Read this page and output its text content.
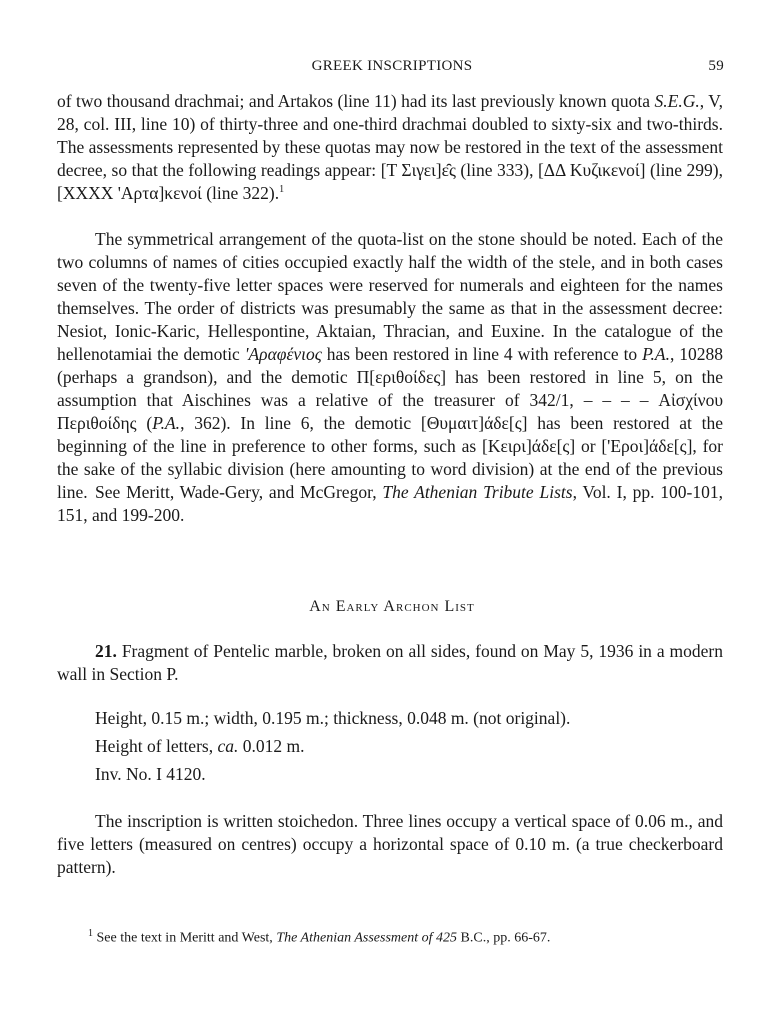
GREEK INSCRIPTIONS	59

of two thousand drachmai; and Artakos (line 11) had its last previously known quota S.E.G., V, 28, col. III, line 10) of thirty-three and one-third drachmai doubled to sixty-six and two-thirds. The assessments represented by these quotas may now be restored in the text of the assessment decree, so that the following readings appear: [Τ Σιγει]ε̑ς (line 333), [ΔΔ Κυζικενοί] (line 299), [ΧΧΧΧ 'Αρτα]κενοί (line 322).$^1$

The symmetrical arrangement of the quota-list on the stone should be noted. Each of the two columns of names of cities occupied exactly half the width of the stele, and in both cases seven of the twenty-five letter spaces were reserved for numerals and eighteen for the names themselves. The order of districts was presumably the same as that in the assessment decree: Nesiot, Ionic-Karic, Hellespontine, Aktaian, Thracian, and Euxine. In the catalogue of the hellenotamiai the demotic 'Αραφένιος has been restored in line 4 with reference to P.A., 10288 (perhaps a grandson), and the demotic Π[εριθοίδες] has been restored in line 5, on the assumption that Aischines was a relative of the treasurer of 342/1, – – – – Αἰσχίνου Περιθοίδης (P.A., 362). In line 6, the demotic [Θυμαιτ]άδε[ς] has been restored at the beginning of the line in preference to other forms, such as [Κειρι]άδε[ς] or ['Εροι]άδε[ς], for the sake of the syllabic division (here amounting to word division) at the end of the previous line. See Meritt, Wade-Gery, and McGregor, The Athenian Tribute Lists, Vol. I, pp. 100-101, 151, and 199-200.

An Early Archon List

21. Fragment of Pentelic marble, broken on all sides, found on May 5, 1936 in a modern wall in Section P.

Height, 0.15 m.; width, 0.195 m.; thickness, 0.048 m. (not original).
Height of letters, ca. 0.012 m.
Inv. No. I 4120.

The inscription is written stoichedon. Three lines occupy a vertical space of 0.06 m., and five letters (measured on centres) occupy a horizontal space of 0.10 m. (a true checkerboard pattern).

$^1$ See the text in Meritt and West, The Athenian Assessment of 425 B.C., pp. 66-67.
